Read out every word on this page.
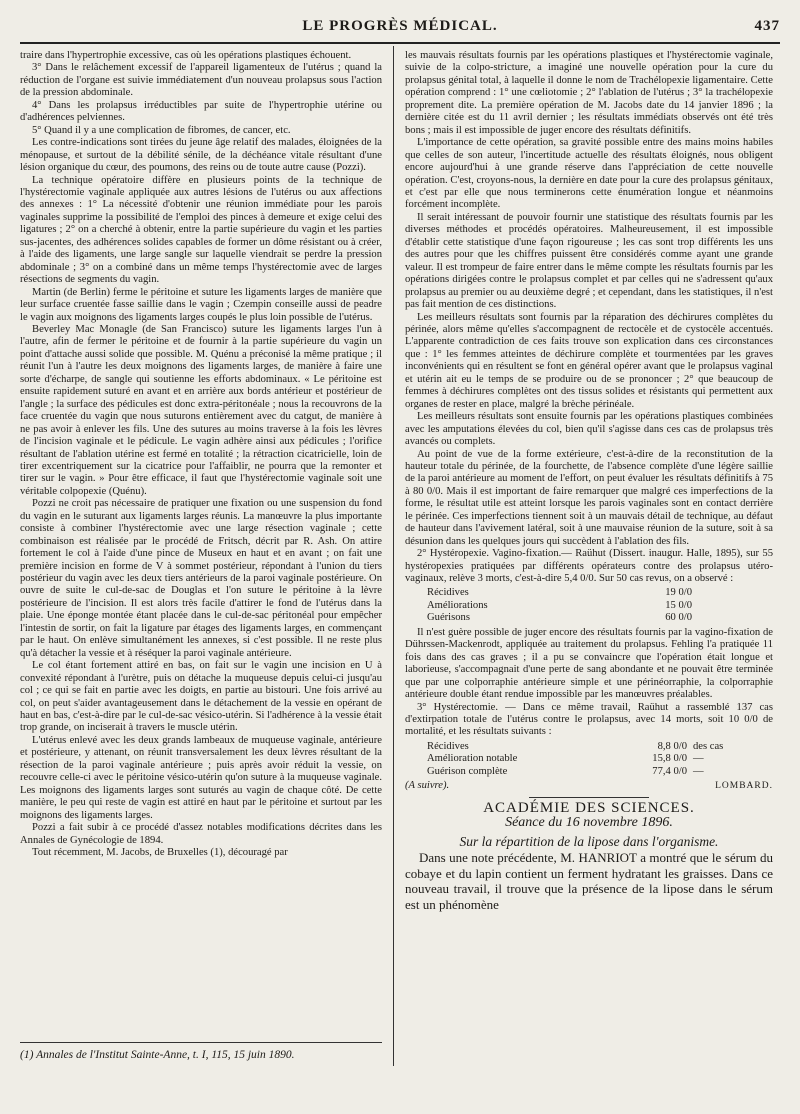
LE PROGRÈS MÉDICAL.	437

traire dans l'hypertrophie excessive, cas où les opérations plastiques échouent.

3° Dans le relâchement excessif de l'appareil ligamenteux de l'utérus ; quand la réduction de l'organe est suivie immédiatement d'un nouveau prolapsus sous l'action de la pression abdominale.

4° Dans les prolapsus irréductibles par suite de l'hypertrophie utérine ou d'adhérences pelviennes.

5° Quand il y a une complication de fibromes, de cancer, etc.

Les contre-indications sont tirées du jeune âge relatif des malades, éloignées de la ménopause, et surtout de la débilité sénile, de la déchéance vitale résultant d'une lésion organique du cœur, des poumons, des reins ou de toute autre cause (Pozzi).

La technique opératoire diffère en plusieurs points de la technique de l'hystérectomie vaginale appliquée aux autres lésions de l'utérus ou aux affections des annexes : 1° La nécessité d'obtenir une réunion immédiate pour les parois vaginales supprime la possibilité de l'emploi des pinces à demeure et exige celui des ligatures ; 2° on a cherché à obtenir, entre la partie supérieure du vagin et les parties sus-jacentes, des adhérences solides capables de former un dôme résistant ou à créer, à l'aide des ligaments, une large sangle sur laquelle viendrait se perdre la pression abdominale ; 3° on a combiné dans un même temps l'hystérectomie avec de larges résections de segments du vagin.

Martin (de Berlin) ferme le péritoine et suture les ligaments larges de manière que leur surface cruentée fasse saillie dans le vagin ; Czempin conseille aussi de peadre le vagin aux moignons des ligaments larges coupés le plus loin possible de l'utérus.

Beverley Mac Monagle (de San Francisco) suture les ligaments larges l'un à l'autre, afin de fermer le péritoine et de fournir à la partie supérieure du vagin un point d'attache aussi solide que possible. M. Quénu a préconisé la même pratique ; il réunit l'un à l'autre les deux moignons des ligaments larges, de manière à faire une sorte d'écharpe, de sangle qui soutienne les efforts abdominaux. « Le péritoine est ensuite rapidement suturé en avant et en arrière aux bords antérieur et postérieur de l'angle ; la surface des pédicules est donc extra-péritonéale ; nous la recouvrons de la face cruentée du vagin que nous suturons entièrement avec du catgut, de manière à ne pas avoir à enlever les fils. Une des sutures au moins traverse à la fois les lèvres de l'incision vaginale et le pédicule. Le vagin adhère ainsi aux pédicules ; l'orifice résultant de l'ablation utérine est fermé en totalité ; la rétraction cicatricielle, loin de tirer excentriquement sur la cicatrice pour l'affaiblir, ne pourra que la remonter et tirer sur le vagin. » Pour être efficace, il faut que l'hystérectomie vaginale soit une véritable colpopexie (Quénu).

Pozzi ne croit pas nécessaire de pratiquer une fixation ou une suspension du fond du vagin en le suturant aux ligaments larges réunis. La manœuvre la plus importante consiste à combiner l'hystérectomie avec une large résection vaginale ; cette combinaison est réalisée par le procédé de Fritsch, décrit par R. Ash. On attire fortement le col à l'aide d'une pince de Museux en haut et en avant ; on fait une première incision en forme de V à sommet postérieur, répondant à l'union du tiers postérieur du vagin avec les deux tiers antérieurs de la paroi vaginale postérieure. On ouvre de suite le cul-de-sac de Douglas et l'on suture le péritoine à la lèvre postérieure de l'incision. Il est alors très facile d'attirer le fond de l'utérus dans la plaie. Une éponge montée étant placée dans le cul-de-sac péritonéal pour empêcher l'intestin de sortir, on fait la ligature par étages des ligaments larges, en commençant par le haut. On enlève simultanément les annexes, si c'est possible. Il ne reste plus qu'à détacher la vessie et à réséquer la paroi vaginale antérieure.

Le col étant fortement attiré en bas, on fait sur le vagin une incision en U à convexité répondant à l'urètre, puis on détache la muqueuse depuis celui-ci jusqu'au col ; ce qui se fait en partie avec les doigts, en partie au bistouri. Une fois arrivé au col, on peut s'aider avantageusement dans le détachement de la vessie en opérant de haut en bas, c'est-à-dire par le cul-de-sac vésico-utérin. Si l'adhérence à la vessie était trop grande, on inciserait à travers le muscle utérin.

L'utérus enlevé avec les deux grands lambeaux de muqueuse vaginale, antérieure et postérieure, y attenant, on réunit transversalement les deux lèvres résultant de la résection de la paroi vaginale antérieure ; puis après avoir réduit la vessie, on recouvre celle-ci avec le péritoine vésico-utérin qu'on suture à la muqueuse vaginale. Les moignons des ligaments larges sont suturés au vagin de chaque côté. De cette manière, le peu qui reste de vagin est attiré en haut par le péritoine et surtout par les moignons des ligaments larges.

Pozzi a fait subir à ce procédé d'assez notables modifications décrites dans les Annales de Gynécologie de 1894.

Tout récemment, M. Jacobs, de Bruxelles (1), découragé par

(1) Annales de l'Institut Sainte-Anne, t. I, 115, 15 juin 1890.

les mauvais résultats fournis par les opérations plastiques et l'hystérectomie vaginale, suivie de la colpo-stricture, a imaginé une nouvelle opération pour la cure du prolapsus génital total, à laquelle il donne le nom de Trachélopexie ligamentaire. Cette opération comprend : 1° une cœliotomie ; 2° l'ablation de l'utérus ; 3° la trachélopexie proprement dite. La première opération de M. Jacobs date du 14 janvier 1896 ; la dernière citée est du 11 avril dernier ; les résultats immédiats observés ont été très bons ; mais il est impossible de juger encore des résultats définitifs.

L'importance de cette opération, sa gravité possible entre des mains moins habiles que celles de son auteur, l'incertitude actuelle des résultats éloignés, nous obligent encore aujourd'hui à une grande réserve dans l'appréciation de cette nouvelle opération. C'est, croyons-nous, la dernière en date pour la cure des prolapsus génitaux, et c'est par elle que nous terminerons cette énumération longue et néanmoins forcément incomplète.

Il serait intéressant de pouvoir fournir une statistique des résultats fournis par les diverses méthodes et procédés opératoires. Malheureusement, il est impossible d'établir cette statistique d'une façon rigoureuse ; les cas sont trop différents les uns des autres pour que les chiffres puissent être considérés comme ayant une grande valeur. Il est trompeur de faire entrer dans le même compte les résultats fournis par les opérations dirigées contre le prolapsus complet et par celles qui ne s'adressent qu'aux prolapsus au premier ou au deuxième degré ; et cependant, dans les statistiques, il n'est pas fait mention de ces distinctions.

Les meilleurs résultats sont fournis par la réparation des déchirures complètes du périnée, alors même qu'elles s'accompagnent de rectocèle et de cystocèle accentués. L'apparente contradiction de ces faits trouve son explication dans ces circonstances que : 1° les femmes atteintes de déchirure complète et tourmentées par les graves inconvénients qui en résultent se font en général opérer avant que le prolapsus vaginal et utérin ait eu le temps de se produire ou de se prononcer ; 2° que beaucoup de femmes à déchirures complètes ont des tissus solides et résistants qui permettent aux organes de rester en place, malgré la brèche périnéale.

Les meilleurs résultats sont ensuite fournis par les opérations plastiques combinées avec les amputations élevées du col, bien qu'il s'agisse dans ces cas de prolapsus très avancés ou complets.

Au point de vue de la forme extérieure, c'est-à-dire de la reconstitution de la hauteur totale du périnée, de la fourchette, de l'absence complète d'une légère saillie de la paroi antérieure au moment de l'effort, on peut évaluer les résultats définitifs à 75 à 80 0/0. Mais il est important de faire remarquer que malgré ces imperfections de la forme, le résultat utile est atteint lorsque les parois vaginales sont en contact derrière le périnée. Ces imperfections tiennent soit à un mauvais détail de technique, au défaut de hauteur dans l'avivement latéral, soit à une mauvaise réunion de la suture, soit à sa désunion dans les quelques jours qui succèdent à l'ablation des fils.

2° Hystéropexie. Vagino-fixation.— Raühut (Dissert. inaugur. Halle, 1895), sur 55 hystéropexies pratiquées par différents opérateurs contre des prolapsus utéro-vaginaux, relève 3 morts, c'est-à-dire 5,4 0/0. Sur 50 cas revus, on a observé :

Récidives	19 0/0
Améliorations	15 0/0
Guérisons	60 0/0

Il n'est guère possible de juger encore des résultats fournis par la vagino-fixation de Dührssen-Mackenrodt, appliquée au traitement du prolapsus. Fehling l'a pratiquée 11 fois dans des cas graves ; il a pu se convaincre que l'opération était longue et laborieuse, s'accompagnait d'une perte de sang abondante et ne pouvait être terminée que par une colporraphie antérieure simple et une périnéorraphie, la colporraphie antérieure double étant rendue impossible par les manœuvres préalables.

3° Hystérectomie. — Dans ce même travail, Raühut a rassemblé 137 cas d'extirpation totale de l'utérus contre le prolapsus, avec 14 morts, soit 10 0/0 de mortalité, et les résultats suivants :

Récidives	8,8 0/0 des cas
Amélioration notable	15,8 0/0 —
Guérison complète	77,4 0/0 —
(A suivre).	LOMBARD.
ACADÉMIE DES SCIENCES.
Séance du 16 novembre 1896.
Sur la répartition de la lipose dans l'organisme.

Dans une note précédente, M. HANRIOT a montré que le sérum du cobaye et du lapin contient un ferment hydratant les graisses. Dans ce nouveau travail, il trouve que la présence de la lipose dans le sérum est un phénomène
